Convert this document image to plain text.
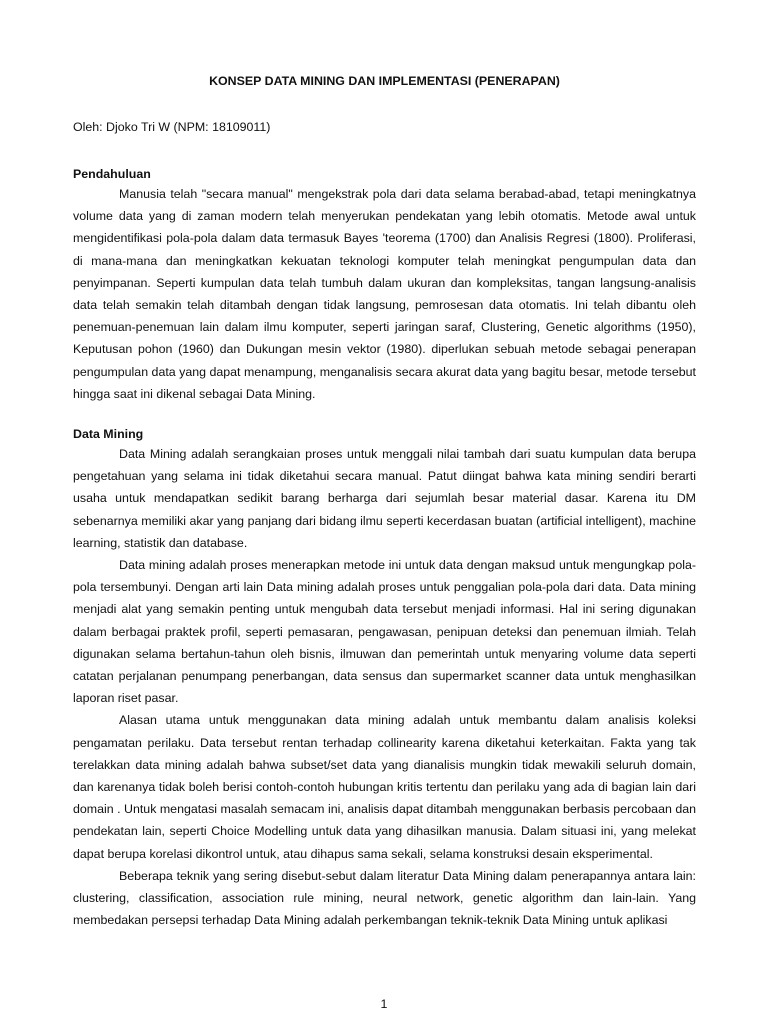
KONSEP DATA MINING DAN IMPLEMENTASI (PENERAPAN)

Oleh: Djoko Tri W (NPM: 18109011)

Pendahuluan

Manusia telah "secara manual" mengekstrak pola dari data selama berabad-abad, tetapi meningkatnya volume data yang di zaman modern telah menyerukan pendekatan yang lebih otomatis. Metode awal untuk mengidentifikasi pola-pola dalam data termasuk Bayes 'teorema (1700) dan Analisis Regresi (1800). Proliferasi, di mana-mana dan meningkatkan kekuatan teknologi komputer telah meningkat pengumpulan data dan penyimpanan. Seperti kumpulan data telah tumbuh dalam ukuran dan kompleksitas, tangan langsung-analisis data telah semakin telah ditambah dengan tidak langsung, pemrosesan data otomatis. Ini telah dibantu oleh penemuan-penemuan lain dalam ilmu komputer, seperti jaringan saraf, Clustering, Genetic algorithms (1950), Keputusan pohon (1960) dan Dukungan mesin vektor (1980). diperlukan sebuah metode sebagai penerapan pengumpulan data yang dapat menampung, menganalisis secara akurat data yang bagitu besar, metode tersebut hingga saat ini dikenal sebagai Data Mining.

Data Mining

Data Mining adalah serangkaian proses untuk menggali nilai tambah dari suatu kumpulan data berupa pengetahuan yang selama ini tidak diketahui secara manual. Patut diingat bahwa kata mining sendiri berarti usaha untuk mendapatkan sedikit barang berharga dari sejumlah besar material dasar. Karena itu DM sebenarnya memiliki akar yang panjang dari bidang ilmu seperti kecerdasan buatan (artificial intelligent), machine learning, statistik dan database.

Data mining adalah proses menerapkan metode ini untuk data dengan maksud untuk mengungkap pola-pola tersembunyi. Dengan arti lain Data mining adalah proses untuk penggalian pola-pola dari data. Data mining menjadi alat yang semakin penting untuk mengubah data tersebut menjadi informasi. Hal ini sering digunakan dalam berbagai praktek profil, seperti pemasaran, pengawasan, penipuan deteksi dan penemuan ilmiah. Telah digunakan selama bertahun-tahun oleh bisnis, ilmuwan dan pemerintah untuk menyaring volume data seperti catatan perjalanan penumpang penerbangan, data sensus dan supermarket scanner data untuk menghasilkan laporan riset pasar.

Alasan utama untuk menggunakan data mining adalah untuk membantu dalam analisis koleksi pengamatan perilaku. Data tersebut rentan terhadap collinearity karena diketahui keterkaitan. Fakta yang tak terelakkan data mining adalah bahwa subset/set data yang dianalisis mungkin tidak mewakili seluruh domain, dan karenanya tidak boleh berisi contoh-contoh hubungan kritis tertentu dan perilaku yang ada di bagian lain dari domain . Untuk mengatasi masalah semacam ini, analisis dapat ditambah menggunakan berbasis percobaan dan pendekatan lain, seperti Choice Modelling untuk data yang dihasilkan manusia. Dalam situasi ini, yang melekat dapat berupa korelasi dikontrol untuk, atau dihapus sama sekali, selama konstruksi desain eksperimental.

Beberapa teknik yang sering disebut-sebut dalam literatur Data Mining dalam penerapannya antara lain: clustering, classification, association rule mining, neural network, genetic algorithm dan lain-lain. Yang membedakan persepsi terhadap Data Mining adalah perkembangan teknik-teknik Data Mining untuk aplikasi

1
